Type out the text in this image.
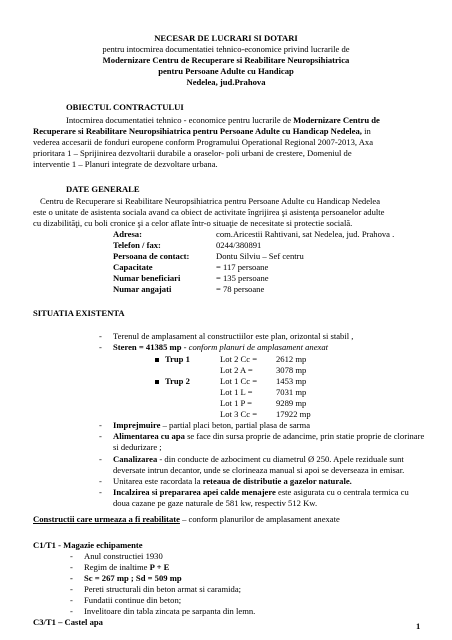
NECESAR DE LUCRARI SI DOTARI
pentru intocmirea documentatiei tehnico-economice privind lucrarile de
Modernizare Centru de Recuperare si Reabilitare Neuropsihiatrica
pentru Persoane Adulte cu Handicap
Nedelea, jud.Prahova
OBIECTUL CONTRACTULUI
Intocmirea documentatiei tehnico - economice pentru lucrarile de Modernizare Centru de
Recuperare si Reabilitare Neuropsihiatrica pentru Persoane Adulte cu Handicap Nedelea, in
vederea accesarii de fonduri europene conform Programului Operational Regional 2007-2013, Axa
prioritara 1 – Sprijinirea dezvoltarii durabile a oraselor- poli urbani de crestere, Domeniul de
interventie 1 – Planuri integrate de dezvoltare urbana.
DATE GENERALE
Centru de Recuperare si Reabilitare Neuropsihiatrica pentru Persoane Adulte cu Handicap Nedelea
este o unitate de asistenta sociala avand ca obiect de activitate îngrijirea şi asistenţa persoanelor adulte
cu dizabilităţi, cu boli cronice şi a celor aflate într-o situaţie de necesitate si protectie socială.
Adresa:	com.Aricestii Rahtivani, sat Nedelea, jud. Prahova .
Telefon / fax:	0244/380891
Persoana de contact:	Dontu Silviu – Sef centru
Capacitate	= 117 persoane
Numar beneficiari	= 135 persoane
Numar angajati	= 78 persoane
SITUATIA EXISTENTA
- Terenul de amplasament al constructiilor este plan, orizontal si stabil ,
- Steren = 41385 mp - conform planuri de amplasament anexat
Trup 1	Lot 2 Cc = 2612 mp
Lot 2 A =	3078 mp
Trup 2	Lot 1 Cc = 1453 mp
Lot 1 L =	7031 mp
Lot 1 P =	9289 mp
Lot 3 Cc = 17922 mp
- Imprejmuire – partial placi beton, partial plasa de sarma
- Alimentarea cu apa se face din sursa proprie de adancime, prin statie proprie de clorinare
si dedurizare ;
- Canalizarea - din conducte de azbociment cu diametrul Ø 250. Apele reziduale sunt
deversate intrun decantor, unde se clorineaza manual si apoi se deverseaza in emisar.
- Unitarea este racordata la reteaua de distributie a gazelor naturale.
- Incalzirea si prepararea apei calde menajere este asigurata cu o centrala termica cu
doua cazane pe gaze naturale de 581 kw, respectiv 512 Kw.
Constructii care urmeaza a fi reabilitate – conform planurilor de amplasament anexate
C1/T1 - Magazie echipamente
- Anul constructiei 1930
- Regim de inaltime P + E
- Sc = 267 mp ; Sd = 509 mp
- Pereti structurali din beton armat si caramida;
- Fundatii continue din beton;
- Invelitoare din tabla zincata pe sarpanta din lemn.
C3/T1 – Castel apa	1
